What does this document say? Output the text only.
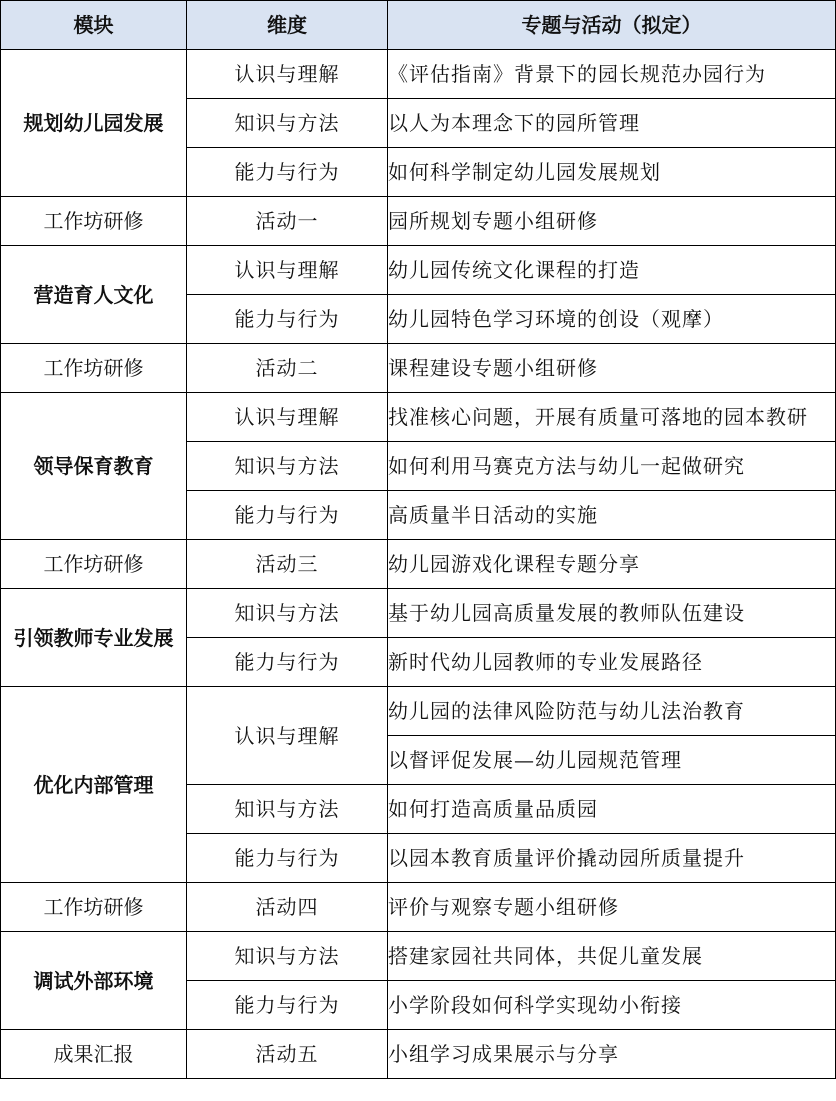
模块	维度	专题与活动（拟定）
规划幼儿园发展	认识与理解	《评估指南》背景下的园长规范办园行为
	知识与方法	以人为本理念下的园所管理
	能力与行为	如何科学制定幼儿园发展规划
工作坊研修	活动一	园所规划专题小组研修
营造育人文化	认识与理解	幼儿园传统文化课程的打造
	能力与行为	幼儿园特色学习环境的创设（观摩）
工作坊研修	活动二	课程建设专题小组研修
领导保育教育	认识与理解	找准核心问题，开展有质量可落地的园本教研
	知识与方法	如何利用马赛克方法与幼儿一起做研究
	能力与行为	高质量半日活动的实施
工作坊研修	活动三	幼儿园游戏化课程专题分享
引领教师专业发展	知识与方法	基于幼儿园高质量发展的教师队伍建设
	能力与行为	新时代幼儿园教师的专业发展路径
优化内部管理	认识与理解	幼儿园的法律风险防范与幼儿法治教育
		以督评促发展—幼儿园规范管理
	知识与方法	如何打造高质量品质园
	能力与行为	以园本教育质量评价撬动园所质量提升
工作坊研修	活动四	评价与观察专题小组研修
调试外部环境	知识与方法	搭建家园社共同体，共促儿童发展
	能力与行为	小学阶段如何科学实现幼小衔接
成果汇报	活动五	小组学习成果展示与分享
